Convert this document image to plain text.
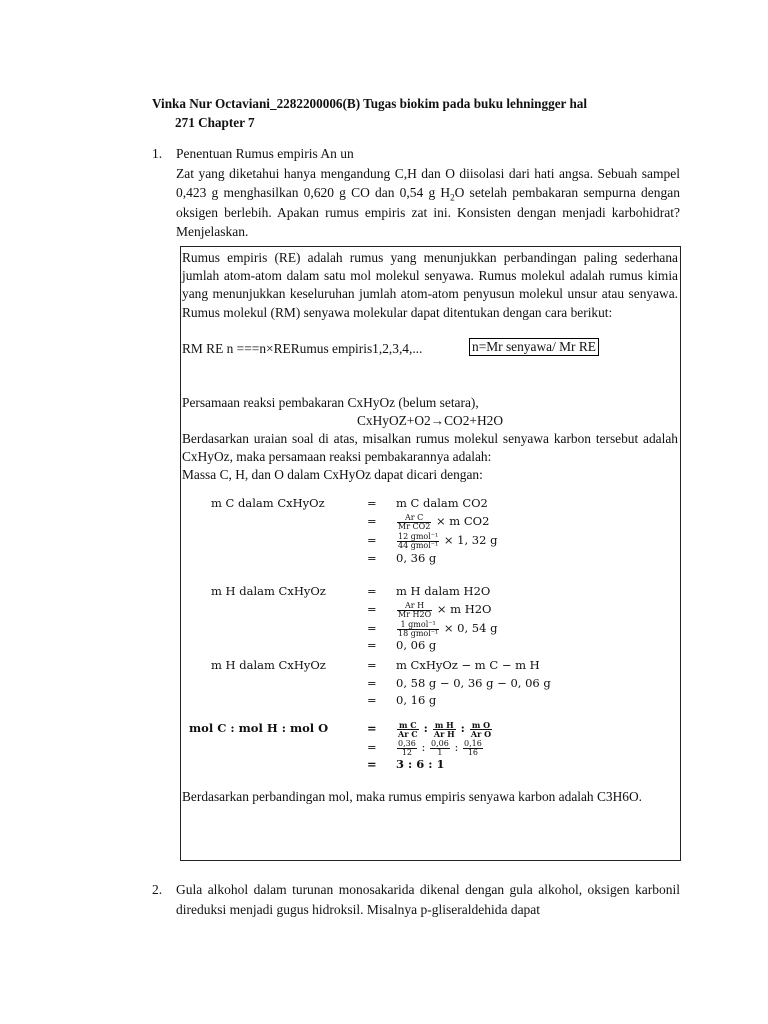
Vinka Nur Octaviani_2282200006(B) Tugas biokim pada buku lehningger hal
271 Chapter 7
1. Penentuan Rumus empiris An un
Zat yang diketahui hanya mengandung C,H dan O diisolasi dari hati angsa. Sebuah sampel 0,423 g menghasilkan 0,620 g CO dan 0,54 g $H_2O$ setelah pembakaran sempurna dengan oksigen berlebih. Apakan rumus empiris zat ini. Konsisten dengan menjadi karbohidrat? Menjelaskan.
Rumus empiris (RE) adalah rumus yang menunjukkan perbandingan paling sederhana jumlah atom-atom dalam satu mol molekul senyawa. Rumus molekul adalah rumus kimia yang menunjukkan keseluruhan jumlah atom-atom penyusun molekul unsur atau senyawa. Rumus molekul (RM) senyawa molekular dapat ditentukan dengan cara berikut:
RM RE n ===n×RERumus empiris1,2,3,4,...	n=Mr senyawa/ Mr RE
Persamaan reaksi pembakaran CxHyOz (belum setara),
CxHyOZ+O2→CO2+H2O
Berdasarkan uraian soal di atas, misalkan rumus molekul senyawa karbon tersebut adalah CxHyOz, maka persamaan reaksi pembakarannya adalah:
Massa C, H, dan O dalam CxHyOz dapat dicari dengan:
m C dalam CxHyOz	= m C dalam CO2
=	$\frac{\text{Ar C}}{\text{Mr CO2}} \times m$ CO2
=	$\frac{\text{12 gmol⁻¹}}{\text{44 gmol⁻¹}} \times 1$, 32 g
= 0, 36 g
m H dalam CxHyOz	= m H dalam H2O
=	$\frac{\text{Ar H}}{\text{Mr H2O}} \times m$ H2O
=	$\frac{\text{1 gmol⁻¹}}{\text{18 gmol⁻¹}} \times 0$, 54 g
= 0, 06 g
m H dalam CxHyOz	= m CxHyOz − m C − m H
= 0, 58 g − 0, 36 g − 0, 06 g
= 0, 16 g
mol C : mol H : mol O	=	$\frac{\text{m C}}{\text{Ar C}}$ : $\frac{\text{m H}}{\text{Ar H}}$ : $\frac{\text{m O}}{\text{Ar O}}$
=	$\frac{0,36}{12}$ : $\frac{0,06}{1}$ : $\frac{0,16}{16}$
= 3 : 6 : 1
Berdasarkan perbandingan mol, maka rumus empiris senyawa karbon adalah C3H6O.
2. Gula alkohol dalam turunan monosakarida dikenal dengan gula alkohol, oksigen karbonil direduksi menjadi gugus hidroksil. Misalnya p-gliseraldehida dapat
